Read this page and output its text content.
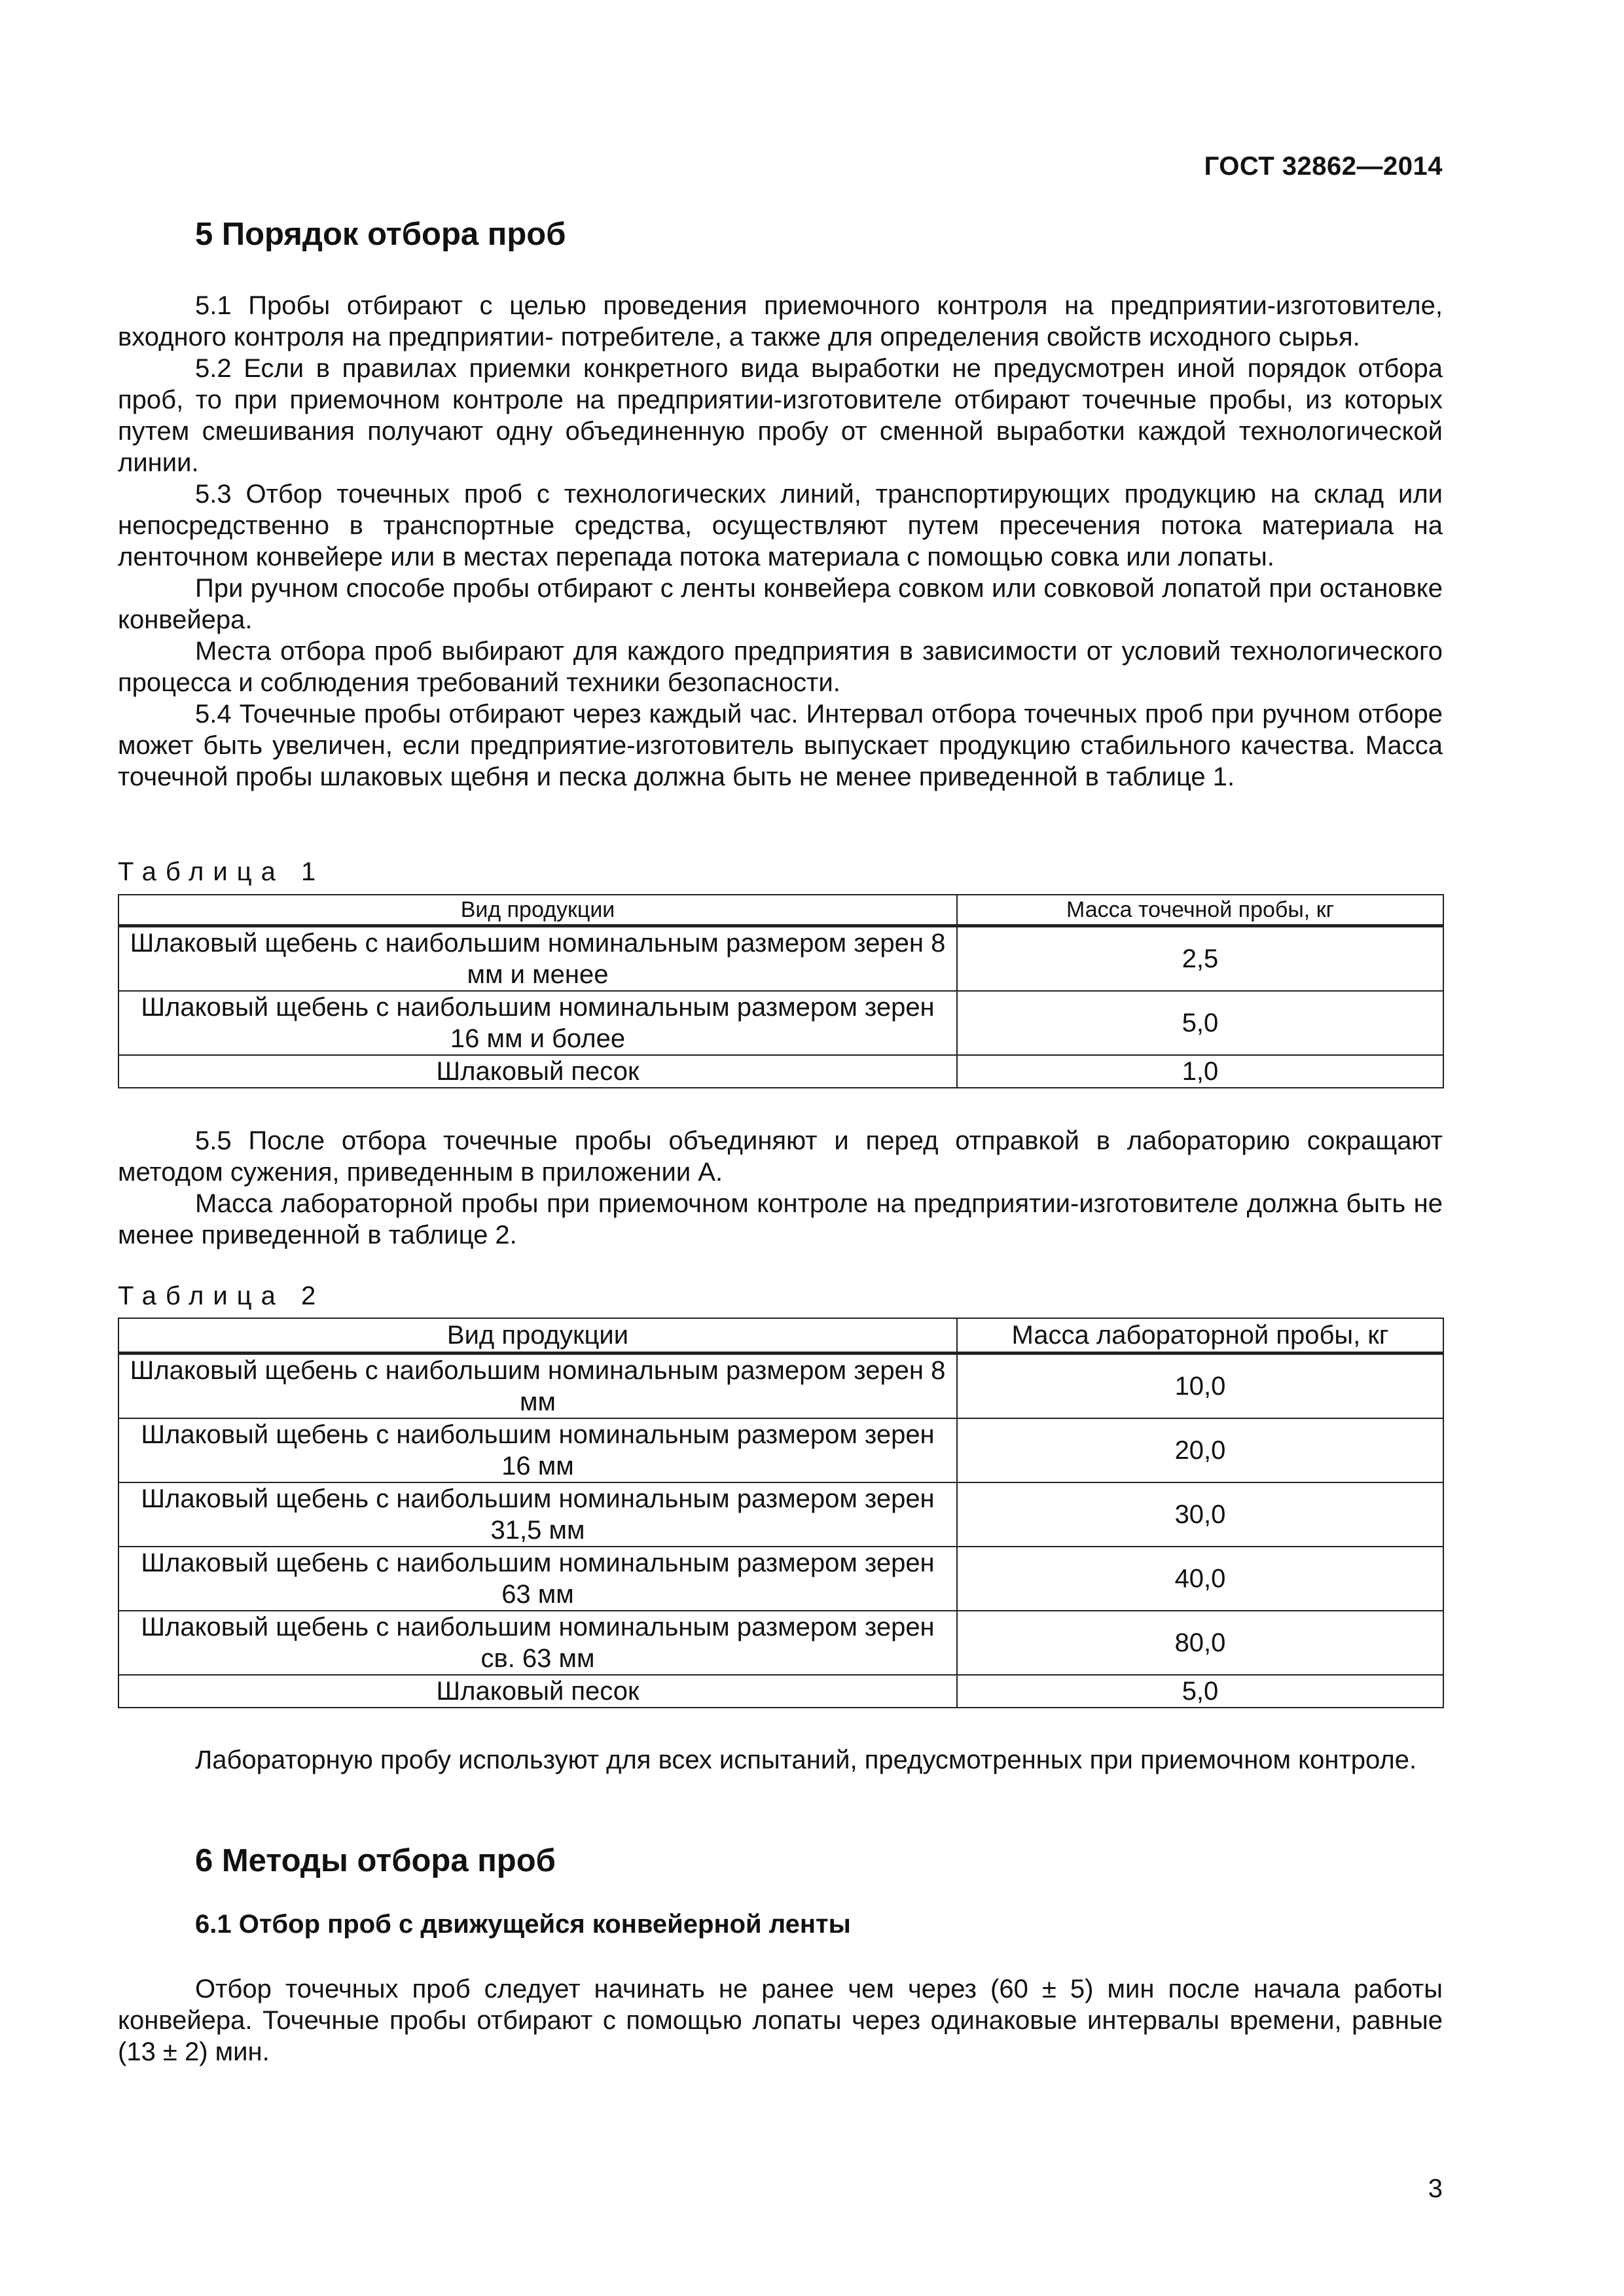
ГОСТ 32862—2014
5 Порядок отбора проб

5.1 Пробы отбирают с целью проведения приемочного контроля на предприятии-изготовителе, входного контроля на предприятии- потребителе, а также для определения свойств исходного сырья.

5.2 Если в правилах приемки конкретного вида выработки не предусмотрен иной порядок отбора проб, то при приемочном контроле на предприятии-изготовителе отбирают точечные пробы, из которых путем смешивания получают одну объединенную пробу от сменной выработки каждой технологической линии.

5.3 Отбор точечных проб с технологических линий, транспортирующих продукцию на склад или непосредственно в транспортные средства, осуществляют путем пресечения потока материала на ленточном конвейере или в местах перепада потока материала с помощью совка или лопаты.

При ручном способе пробы отбирают с ленты конвейера совком или совковой лопатой при остановке конвейера.

Места отбора проб выбирают для каждого предприятия в зависимости от условий технологического процесса и соблюдения требований техники безопасности.

5.4 Точечные пробы отбирают через каждый час. Интервал отбора точечных проб при ручном отборе может быть увеличен, если предприятие-изготовитель выпускает продукцию стабильного качества. Масса точечной пробы шлаковых щебня и песка должна быть не менее приведенной в таблице 1.

Таблица 1
Вид продукции	Масса точечной пробы, кг
Шлаковый щебень с наибольшим номинальным размером зерен 8 мм и менее	2,5
Шлаковый щебень с наибольшим номинальным размером зерен 16 мм и более	5,0
Шлаковый песок	1,0

5.5 После отбора точечные пробы объединяют и перед отправкой в лабораторию сокращают методом сужения, приведенным в приложении А.

Масса лабораторной пробы при приемочном контроле на предприятии-изготовителе должна быть не менее приведенной в таблице 2.

Таблица 2
Вид продукции	Масса лабораторной пробы, кг
Шлаковый щебень с наибольшим номинальным размером зерен 8 мм	10,0
Шлаковый щебень с наибольшим номинальным размером зерен 16 мм	20,0
Шлаковый щебень с наибольшим номинальным размером зерен 31,5 мм	30,0
Шлаковый щебень с наибольшим номинальным размером зерен 63 мм	40,0
Шлаковый щебень с наибольшим номинальным размером зерен св. 63 мм	80,0
Шлаковый песок	5,0

Лабораторную пробу используют для всех испытаний, предусмотренных при приемочном контроле.

6 Методы отбора проб
6.1 Отбор проб с движущейся конвейерной ленты

Отбор точечных проб следует начинать не ранее чем через (60 ± 5) мин после начала работы конвейера. Точечные пробы отбирают с помощью лопаты через одинаковые интервалы времени, равные (13 ± 2) мин.

3
